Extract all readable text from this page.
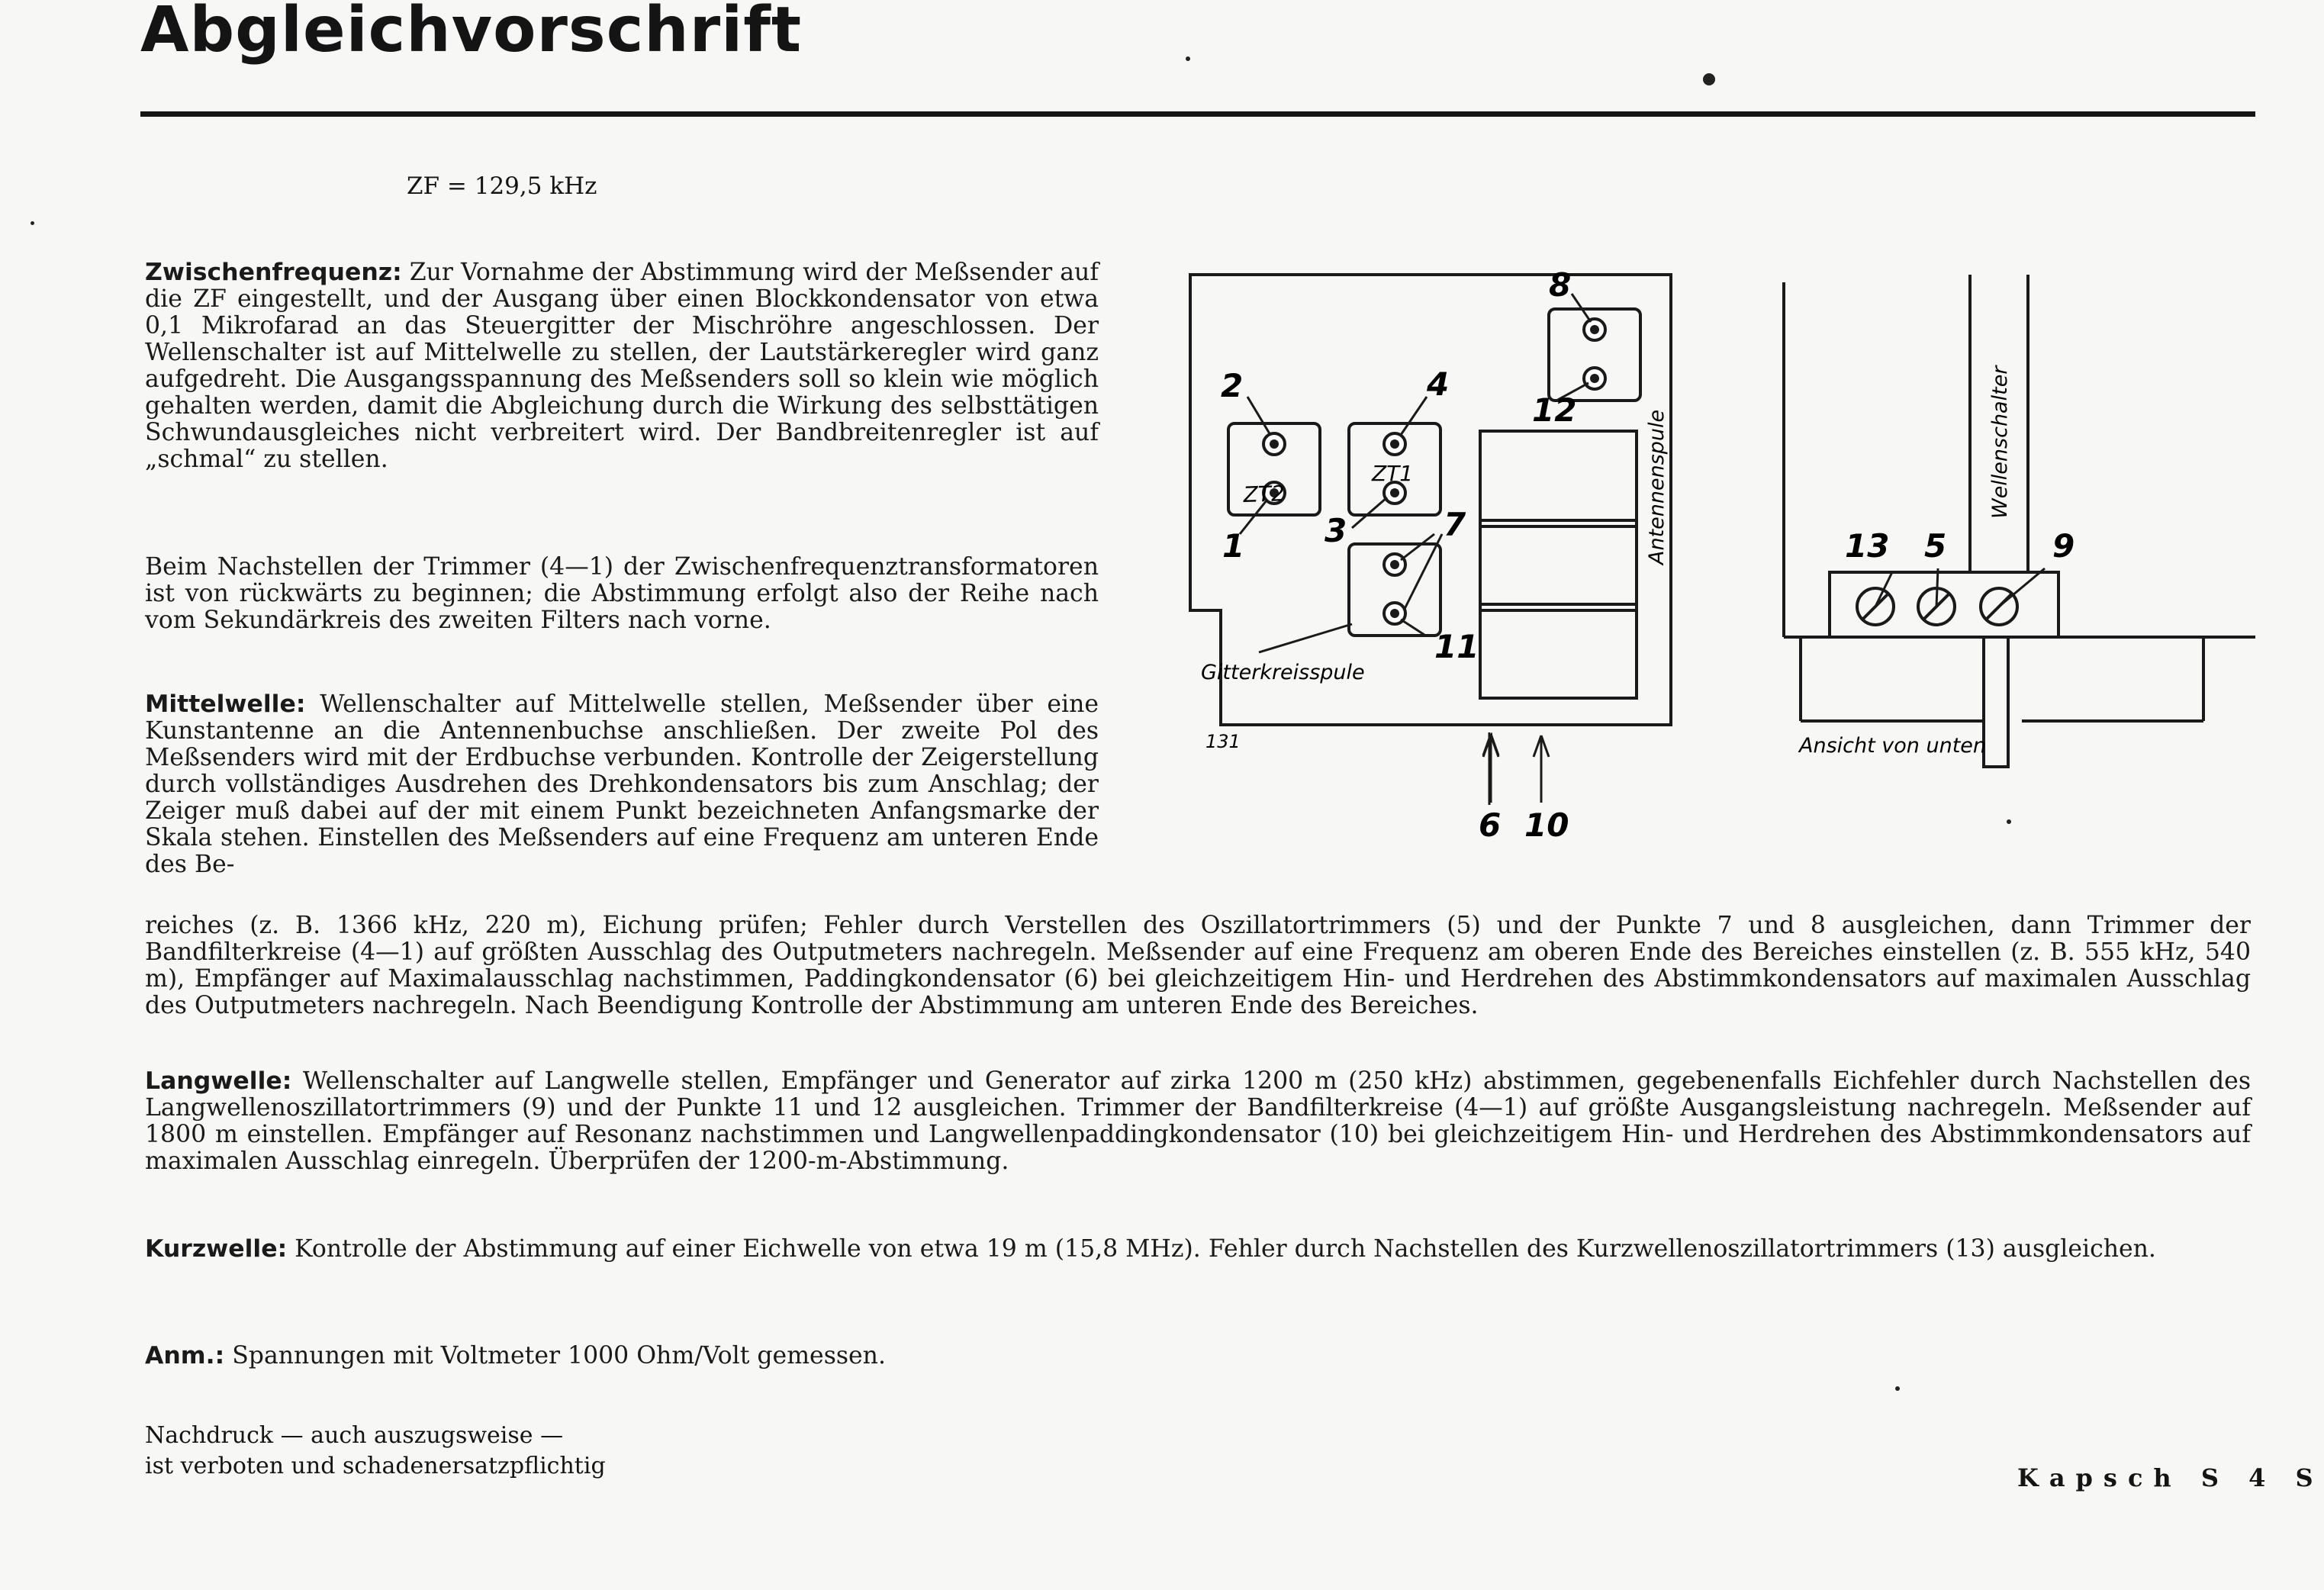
Abgleichvorschrift
ZF = 129,5 kHz

Zwischenfrequenz: Zur Vornahme der Abstimmung wird der Meßsender auf die ZF eingestellt, und der Ausgang über einen Blockkondensator von etwa 0,1 Mikrofarad an das Steuergitter der Mischröhre angeschlossen. Der Wellenschalter ist auf Mittelwelle zu stellen, der Lautstärkeregler wird ganz aufgedreht. Die Ausgangsspannung des Meßsenders soll so klein wie möglich gehalten werden, damit die Abgleichung durch die Wirkung des selbsttätigen Schwundausgleiches nicht verbreitert wird. Der Bandbreitenregler ist auf „schmal“ zu stellen.

Beim Nachstellen der Trimmer (4—1) der Zwischenfrequenztransformatoren ist von rückwärts zu beginnen; die Abstimmung erfolgt also der Reihe nach vom Sekundärkreis des zweiten Filters nach vorne.

Mittelwelle: Wellenschalter auf Mittelwelle stellen, Meßsender über eine Kunstantenne an die Antennenbuchse anschließen. Der zweite Pol des Meßsenders wird mit der Erdbuchse verbunden. Kontrolle der Zeigerstellung durch vollständiges Ausdrehen des Drehkondensators bis zum Anschlag; der Zeiger muß dabei auf der mit einem Punkt bezeichneten Anfangsmarke der Skala stehen. Einstellen des Meßsenders auf eine Frequenz am unteren Ende des Be-

reiches (z. B. 1366 kHz, 220 m), Eichung prüfen; Fehler durch Verstellen des Oszillatortrimmers (5) und der Punkte 7 und 8 ausgleichen, dann Trimmer der Bandfilterkreise (4—1) auf größten Ausschlag des Outputmeters nachregeln. Meßsender auf eine Frequenz am oberen Ende des Bereiches einstellen (z. B. 555 kHz, 540 m), Empfänger auf Maximalausschlag nachstimmen, Paddingkondensator (6) bei gleichzeitigem Hin- und Herdrehen des Abstimmkondensators auf maximalen Ausschlag des Outputmeters nachregeln. Nach Beendigung Kontrolle der Abstimmung am unteren Ende des Bereiches.

Langwelle: Wellenschalter auf Langwelle stellen, Empfänger und Generator auf zirka 1200 m (250 kHz) abstimmen, gegebenenfalls Eichfehler durch Nachstellen des Langwellenoszillatortrimmers (9) und der Punkte 11 und 12 ausgleichen. Trimmer der Bandfilterkreise (4—1) auf größte Ausgangsleistung nachregeln. Meßsender auf 1800 m einstellen. Empfänger auf Resonanz nachstimmen und Langwellenpaddingkondensator (10) bei gleichzeitigem Hin- und Herdrehen des Abstimmkondensators auf maximalen Ausschlag einregeln. Überprüfen der 1200-m-Abstimmung.

Kurzwelle: Kontrolle der Abstimmung auf einer Eichwelle von etwa 19 m (15,8 MHz). Fehler durch Nachstellen des Kurzwellenoszillatortrimmers (13) ausgleichen.

Anm.: Spannungen mit Voltmeter 1000 Ohm/Volt gemessen.

ZT2
ZT1
Gitterkreisspule
Antennenspule	Wellenschalter
Ansicht von unten
131
2
1
4
3	7
11
8
12
6 10
13 5	9
Nachdruck — auch auszugsweise —
ist verboten und schadenersatzpflichtig	Kapsch S 4 S
